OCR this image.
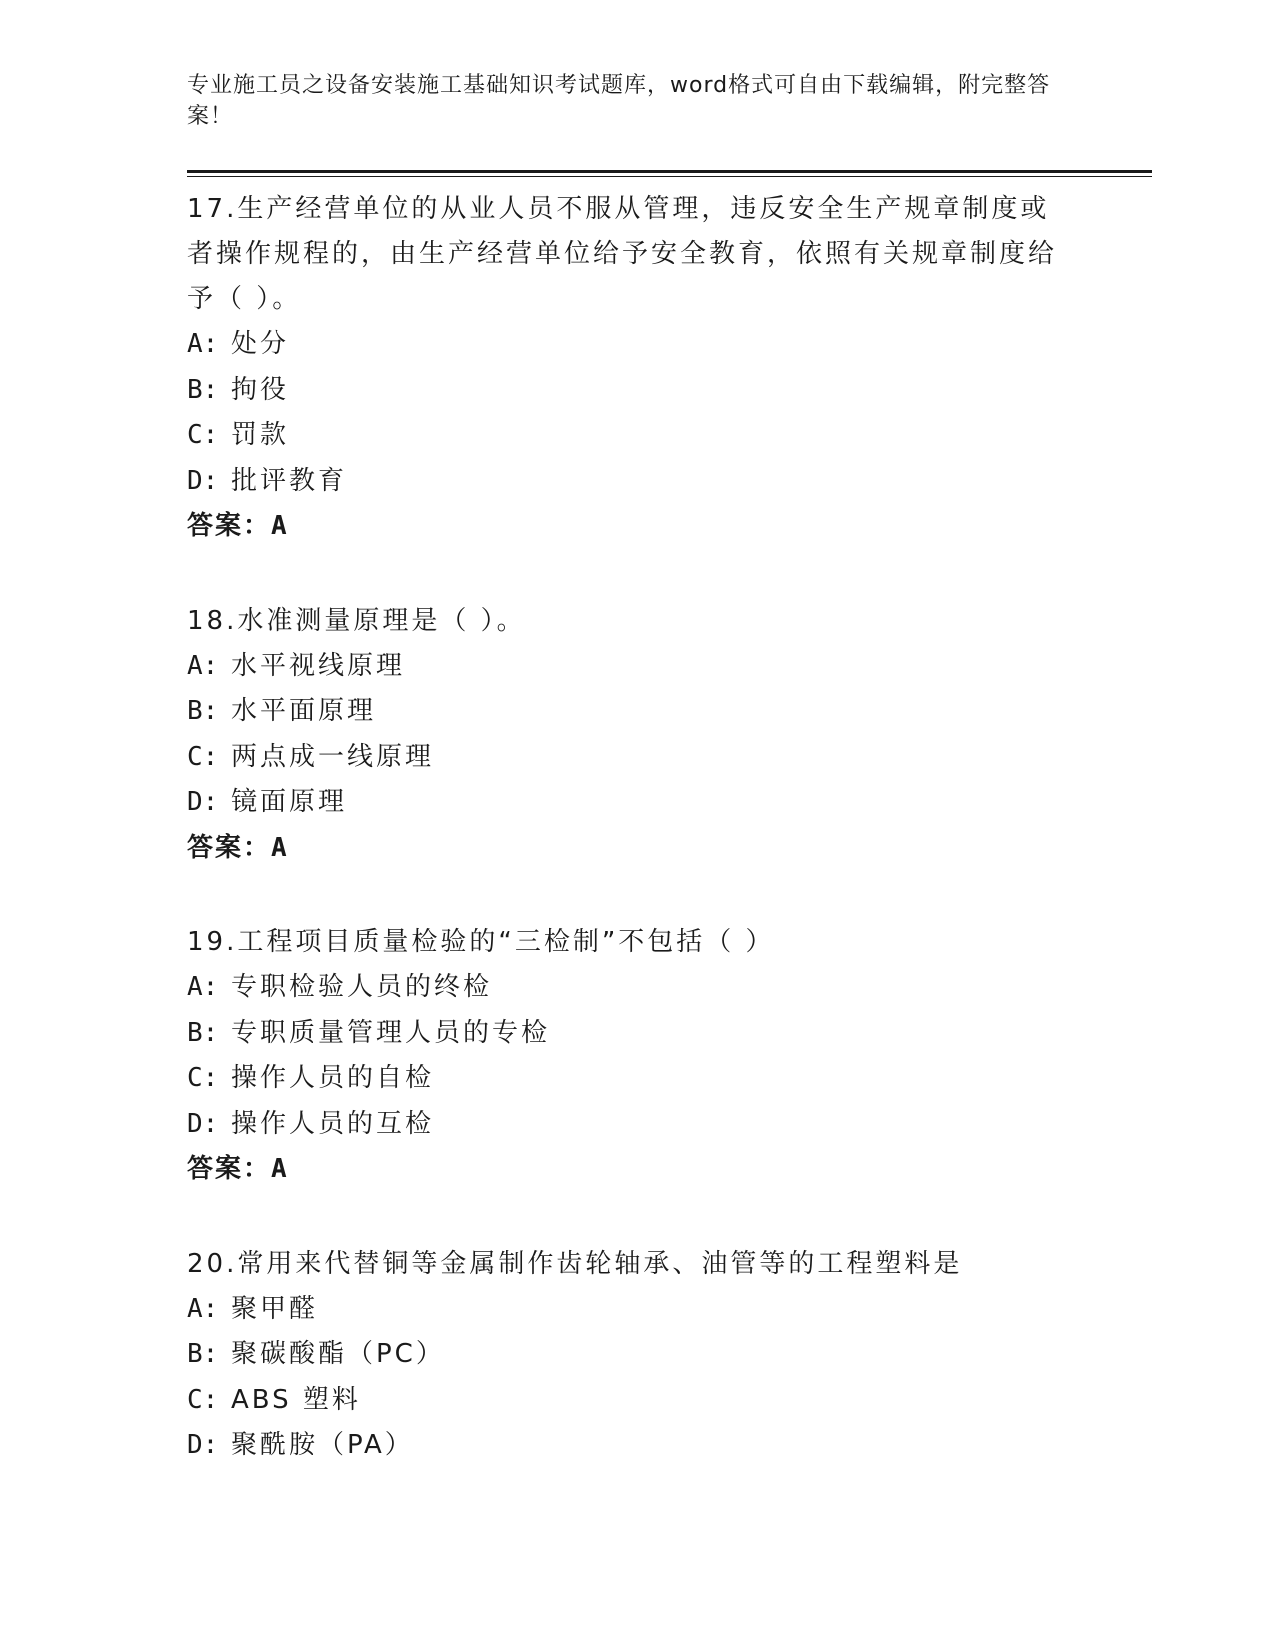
专业施工员之设备安装施工基础知识考试题库，word格式可自由下载编辑，附完整答案！
17.生产经营单位的从业人员不服从管理，违反安全生产规章制度或者操作规程的，由生产经营单位给予安全教育，依照有关规章制度给予（ ）。
A: 处分
B: 拘役
C: 罚款
D: 批评教育
答案：A
18.水准测量原理是（ ）。
A: 水平视线原理
B: 水平面原理
C: 两点成一线原理
D: 镜面原理
答案：A
19.工程项目质量检验的“三检制”不包括（ ）
A: 专职检验人员的终检
B: 专职质量管理人员的专检
C: 操作人员的自检
D: 操作人员的互检
答案：A
20.常用来代替铜等金属制作齿轮轴承、油管等的工程塑料是
A: 聚甲醛
B: 聚碳酸酯（PC）
C: ABS 塑料
D: 聚酰胺（PA）
